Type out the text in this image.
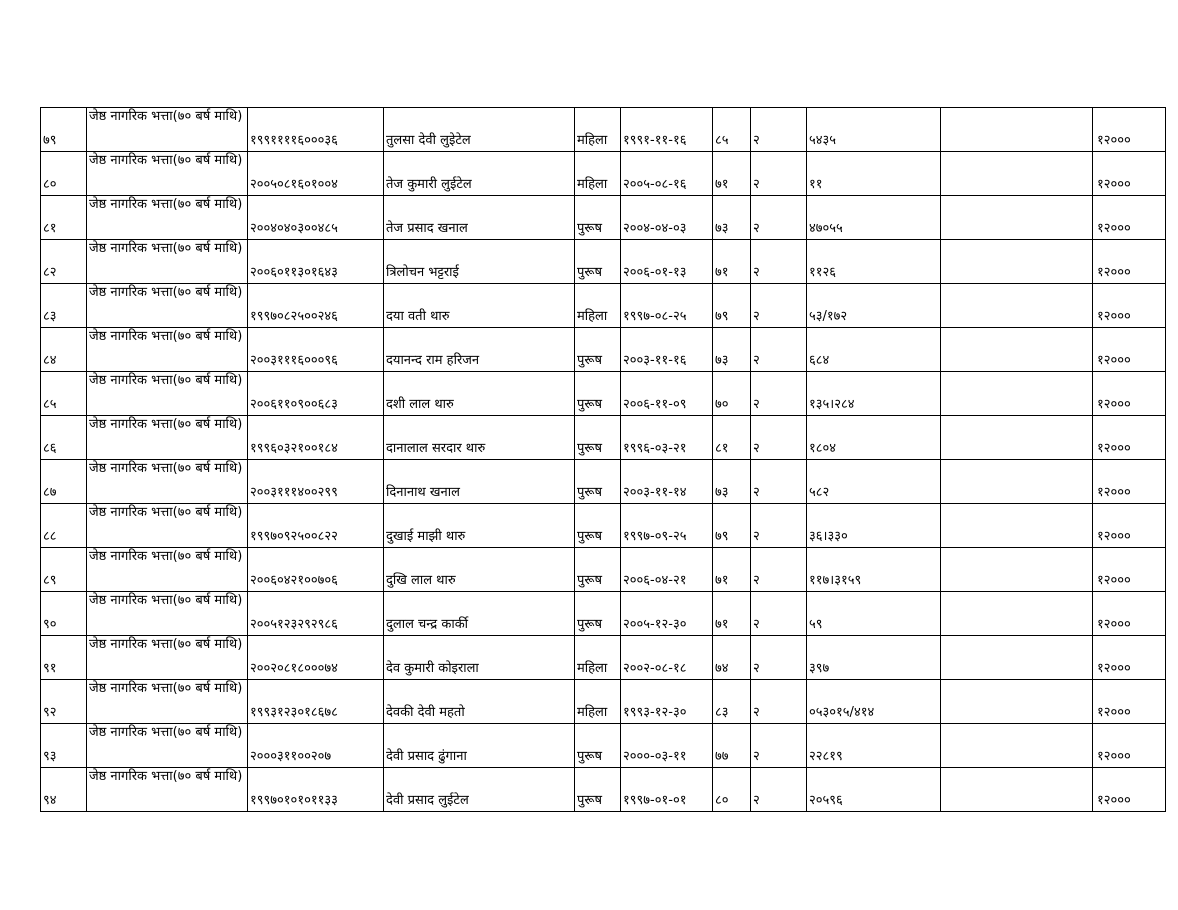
७९	जेष्ठ नागरिक भत्ता(७० बर्ष माथि)	१९९११११६०००३६	तुलसा देवी लुइेटेल	महिला	१९९१-११-१६	८५	२	५४३५		१२०००
८०	जेष्ठ नागरिक भत्ता(७० बर्ष माथि)	२००५०८१६०१००४	तेज कुमारी लुईटेल	महिला	२००५-०८-१६	७१	२	११		१२०००
८१	जेष्ठ नागरिक भत्ता(७० बर्ष माथि)	२००४०४०३००४८५	तेज प्रसाद खनाल	पुरूष	२००४-०४-०३	७३	२	४७०५५		१२०००
८२	जेष्ठ नागरिक भत्ता(७० बर्ष माथि)	२००६०११३०१६४३	त्रिलोचन भट्टराई	पुरूष	२००६-०१-१३	७१	२	११२६		१२०००
८३	जेष्ठ नागरिक भत्ता(७० बर्ष माथि)	१९९७०८२५००२४६	दया वती थारु	महिला	१९९७-०८-२५	७९	२	५३/१७२		१२०००
८४	जेष्ठ नागरिक भत्ता(७० बर्ष माथि)	२००३१११६०००९६	दयानन्द राम हरिजन	पुरूष	२००३-११-१६	७३	२	६८४		१२०००
८५	जेष्ठ नागरिक भत्ता(७० बर्ष माथि)	२००६११०९००६८३	दशी लाल थारु	पुरूष	२००६-११-०९	७०	२	१३५।२८४		१२०००
८६	जेष्ठ नागरिक भत्ता(७० बर्ष माथि)	१९९६०३२१००१८४	दानालाल सरदार थारु	पुरूष	१९९६-०३-२१	८१	२	१८०४		१२०००
८७	जेष्ठ नागरिक भत्ता(७० बर्ष माथि)	२००३१११४००२९९	दिनानाथ खनाल	पुरूष	२००३-११-१४	७३	२	५८२		१२०००
८८	जेष्ठ नागरिक भत्ता(७० बर्ष माथि)	१९९७०९२५००८२२	दुखाई माझी थारु	पुरूष	१९९७-०९-२५	७९	२	३६।३३०		१२०००
८९	जेष्ठ नागरिक भत्ता(७० बर्ष माथि)	२००६०४२१००७०६	दुखि लाल थारु	पुरूष	२००६-०४-२१	७१	२	११७।३१५९		१२०००
९०	जेष्ठ नागरिक भत्ता(७० बर्ष माथि)	२००५१२३२९२९८६	दुलाल चन्द्र कार्की	पुरूष	२००५-१२-३०	७१	२	५९		१२०००
९१	जेष्ठ नागरिक भत्ता(७० बर्ष माथि)	२००२०८१८०००७४	देव कुमारी कोइराला	महिला	२००२-०८-१८	७४	२	३९७		१२०००
९२	जेष्ठ नागरिक भत्ता(७० बर्ष माथि)	१९९३१२३०१८६७८	देवकी देवी महतो	महिला	१९९३-१२-३०	८३	२	०५३०१५/४१४		१२०००
९३	जेष्ठ नागरिक भत्ता(७० बर्ष माथि)	२०००३११००२०७	देवी प्रसाद ढुंगाना	पुरूष	२०००-०३-११	७७	२	२२८१९		१२०००
९४	जेष्ठ नागरिक भत्ता(७० बर्ष माथि)	१९९७०१०१०११३३	देवी प्रसाद लुईटेल	पुरूष	१९९७-०१-०१	८०	२	२०५९६		१२०००
